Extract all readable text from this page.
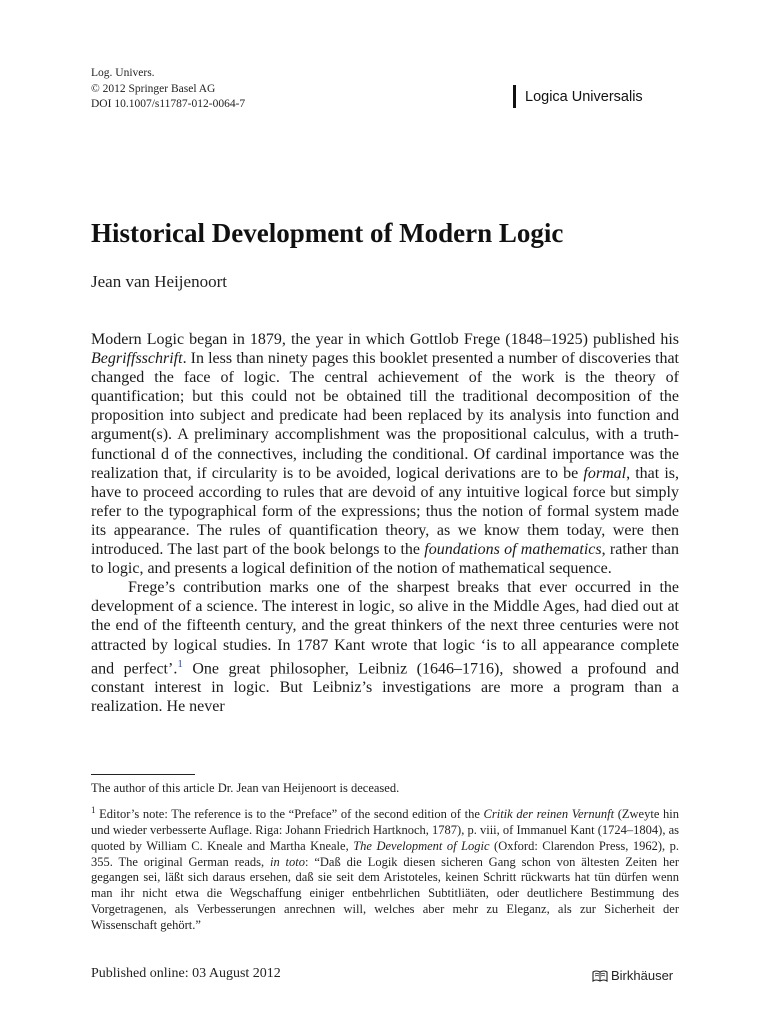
Log. Univers.
© 2012 Springer Basel AG
DOI 10.1007/s11787-012-0064-7	Logica Universalis
Historical Development of Modern Logic
Jean van Heijenoort

Modern Logic began in 1879, the year in which Gottlob Frege (1848–1925) published his Begriffsschrift. In less than ninety pages this booklet presented a number of discoveries that changed the face of logic. The central achievement of the work is the theory of quantification; but this could not be obtained till the traditional decomposition of the proposition into subject and predicate had been replaced by its analysis into function and argument(s). A preliminary accomplishment was the propositional calculus, with a truth-functional d of the connectives, including the conditional. Of cardinal importance was the realization that, if circularity is to be avoided, logical derivations are to be formal, that is, have to proceed according to rules that are devoid of any intuitive logical force but simply refer to the typographical form of the expressions; thus the notion of formal system made its appearance. The rules of quantification theory, as we know them today, were then introduced. The last part of the book belongs to the foundations of mathematics, rather than to logic, and presents a logical definition of the notion of mathematical sequence.

Frege’s contribution marks one of the sharpest breaks that ever occurred in the development of a science. The interest in logic, so alive in the Middle Ages, had died out at the end of the fifteenth century, and the great thinkers of the next three centuries were not attracted by logical studies. In 1787 Kant wrote that logic ‘is to all appearance complete and perfect’.$^1$ One great philosopher, Leibniz (1646–1716), showed a profound and constant interest in logic. But Leibniz’s investigations are more a program than a realization. He never

The author of this article Dr. Jean van Heijenoort is deceased.
$^1$ Editor’s note: The reference is to the “Preface” of the second edition of the Critik der reinen Vernunft (Zweyte hin und wieder verbesserte Auflage. Riga: Johann Friedrich Hartknoch, 1787), p. viii, of Immanuel Kant (1724–1804), as quoted by William C. Kneale and Martha Kneale, The Development of Logic (Oxford: Clarendon Press, 1962), p. 355. The original German reads, in toto: “Daß die Logik diesen sicheren Gang schon von ältesten Zeiten her gegangen sei, läßt sich daraus ersehen, daß sie seit dem Aristoteles, keinen Schritt rückwarts hat tün dürfen wenn man ihr nicht etwa die Wegschaffung einiger entbehrlichen Subtitliäten, oder deutlichere Bestimmung des Vorgetragenen, als Verbesserungen anrechnen will, welches aber mehr zu Eleganz, als zur Sicherheit der Wissenschaft gehört.”
Published online: 03 August 2012	Birkhäuser
